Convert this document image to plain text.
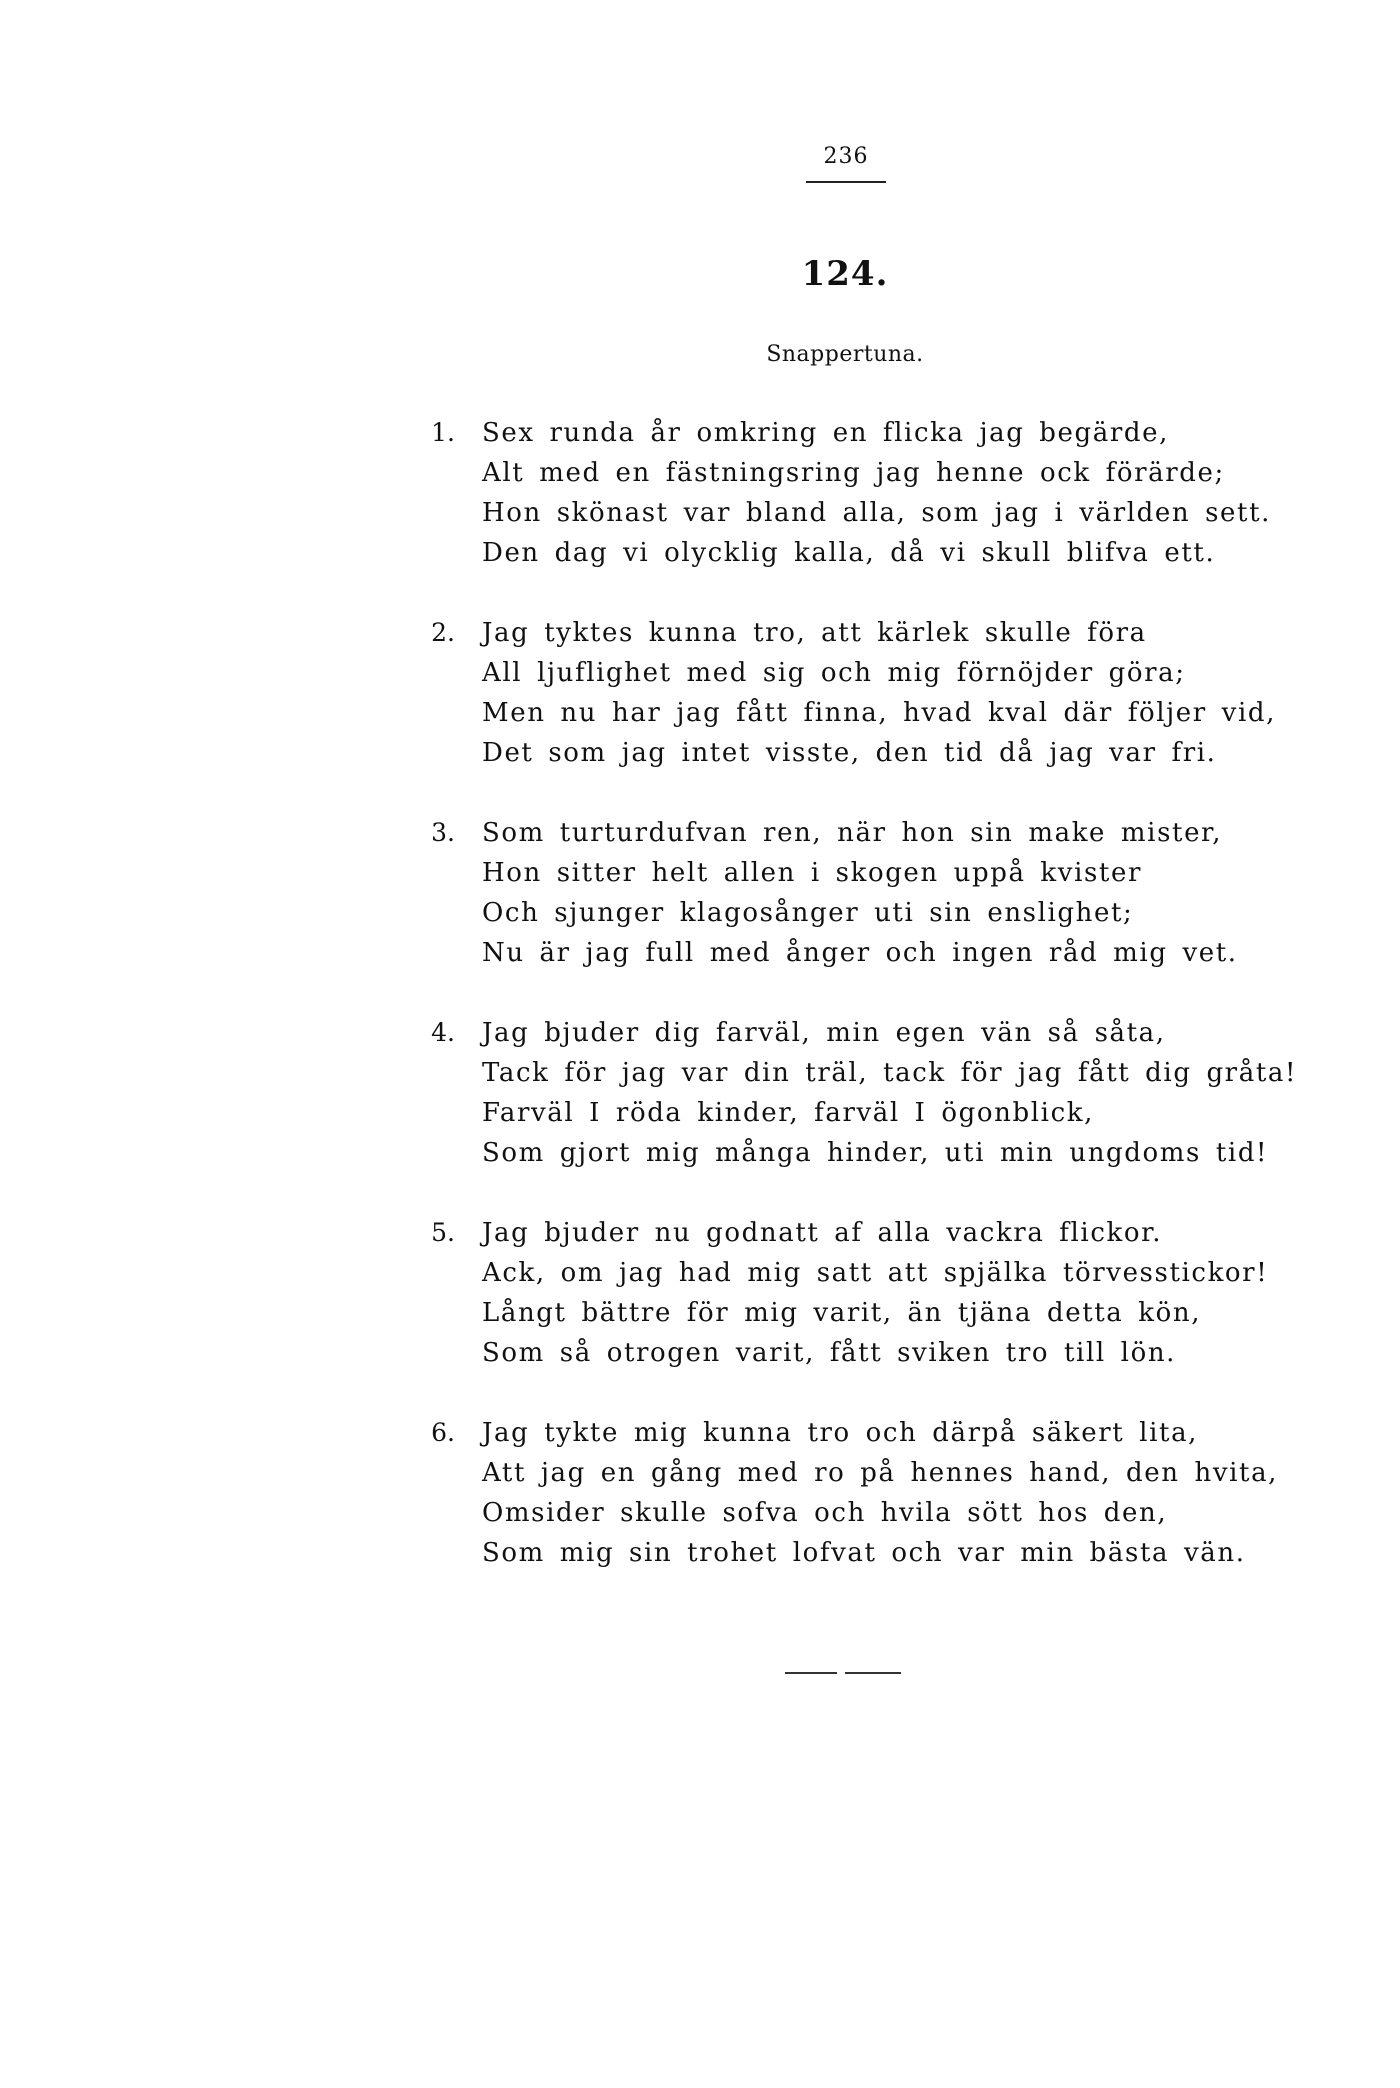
236
124.
Snappertuna.
1. Sex runda år omkring en flicka jag begärde,
Alt med en fästningsring jag henne ock förärde;
Hon skönast var bland alla, som jag i världen sett.
Den dag vi olycklig kalla, då vi skull blifva ett.
2. Jag tyktes kunna tro, att kärlek skulle föra
All ljuflighet med sig och mig förnöjder göra;
Men nu har jag fått finna, hvad kval där följer vid,
Det som jag intet visste, den tid då jag var fri.
3. Som turturdufvan ren, när hon sin make mister,
Hon sitter helt allen i skogen uppå kvister
Och sjunger klagosånger uti sin enslighet;
Nu är jag full med ånger och ingen råd mig vet.
4. Jag bjuder dig farväl, min egen vän så såta,
Tack för jag var din träl, tack för jag fått dig gråta!
Farväl I röda kinder, farväl I ögonblick,
Som gjort mig många hinder, uti min ungdoms tid!
5. Jag bjuder nu godnatt af alla vackra flickor.
Ack, om jag had mig satt att spjälka törvesstickor!
Långt bättre för mig varit, än tjäna detta kön,
Som så otrogen varit, fått sviken tro till lön.
6. Jag tykte mig kunna tro och därpå säkert lita,
Att jag en gång med ro på hennes hand, den hvita,
Omsider skulle sofva och hvila sött hos den,
Som mig sin trohet lofvat och var min bästa vän.
